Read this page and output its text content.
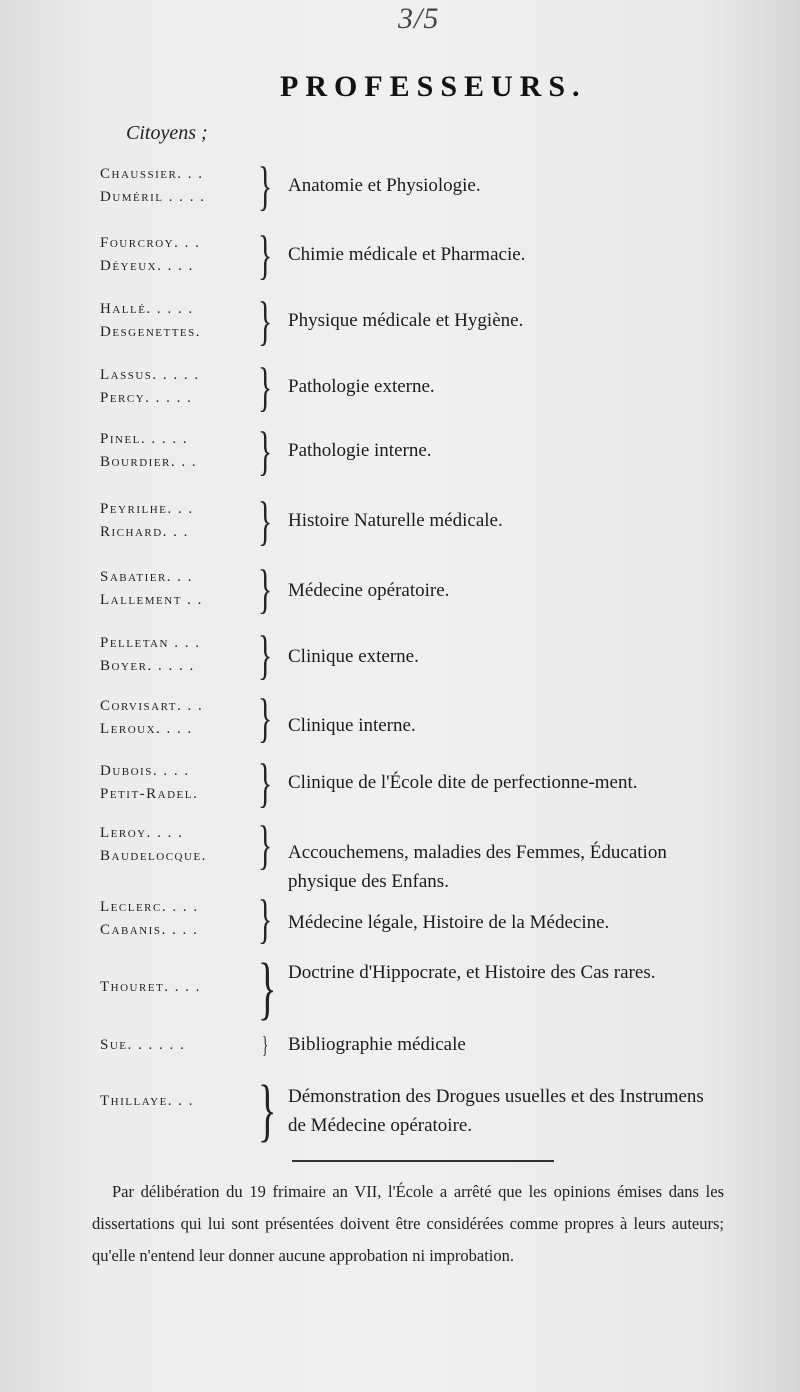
3/5
PROFESSEURS.
Citoyens ;
Chaussier. . .
Duméril . . . . } Anatomie et Physiologie.
Fourcroy. . .
Déyeux. . . .	} Chimie médicale et Pharmacie.
Hallé. . . . .
Desgenettes.	} Physique médicale et Hygiène.
Lassus. . . . .
Percy. . . . .	} Pathologie externe.
Pinel. . . . .
Bourdier. . .	} Pathologie interne.
Peyrilhe. . .
Richard. . .	} Histoire Naturelle médicale.
Sabatier. . .
Lallement . .	} Médecine opératoire.
Pelletan . . .
Boyer. . . . .	} Clinique externe.
Corvisart. . .
Leroux. . . .	} Clinique interne.
Dubois. . . .
Petit-Radel.	} Clinique de l'École dite de perfectionne-ment.
Leroy. . . .
Baudelocque. } Accouchemens, maladies des Femmes, Éducation physique des Enfans.
Leclerc. . . .
Cabanis. . . .	} Médecine légale, Histoire de la Médecine.
Thouret. . . . } Doctrine d'Hippocrate, et Histoire des Cas rares.
Sue. . . . . .	} Bibliographie médicale
Thillaye. . . } Démonstration des Drogues usuelles et des Instrumens de Médecine opératoire.
Par délibération du 19 frimaire an VII, l'École a arrêté que les opinions émises dans les dissertations qui lui sont présentées doivent être considérées comme propres à leurs auteurs; qu'elle n'entend leur donner aucune approbation ni improbation.
